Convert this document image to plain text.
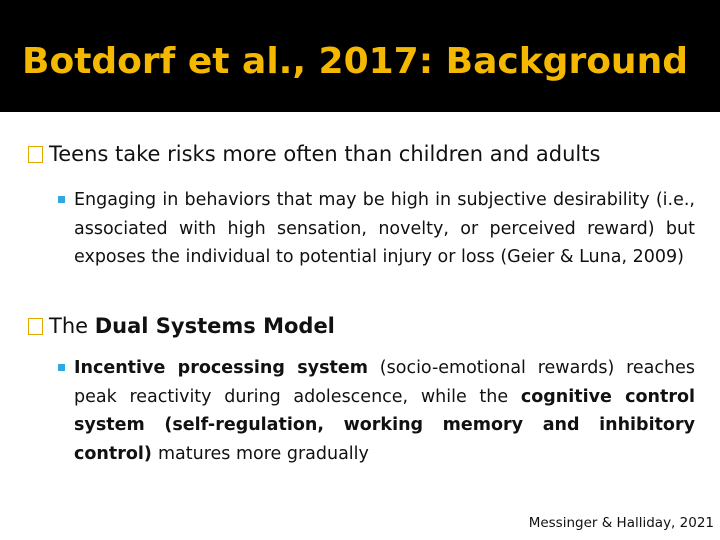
Botdorf et al., 2017: Background
Teens take risks more often than children and adults
Engaging in behaviors that may be high in subjective desirability (i.e., associated with high sensation, novelty, or perceived reward) but exposes the individual to potential injury or loss (Geier & Luna, 2009)
The Dual Systems Model
Incentive processing system (socio-emotional rewards) reaches peak reactivity during adolescence, while the cognitive control system (self-regulation, working memory and inhibitory control) matures more gradually
Messinger & Halliday, 2021
